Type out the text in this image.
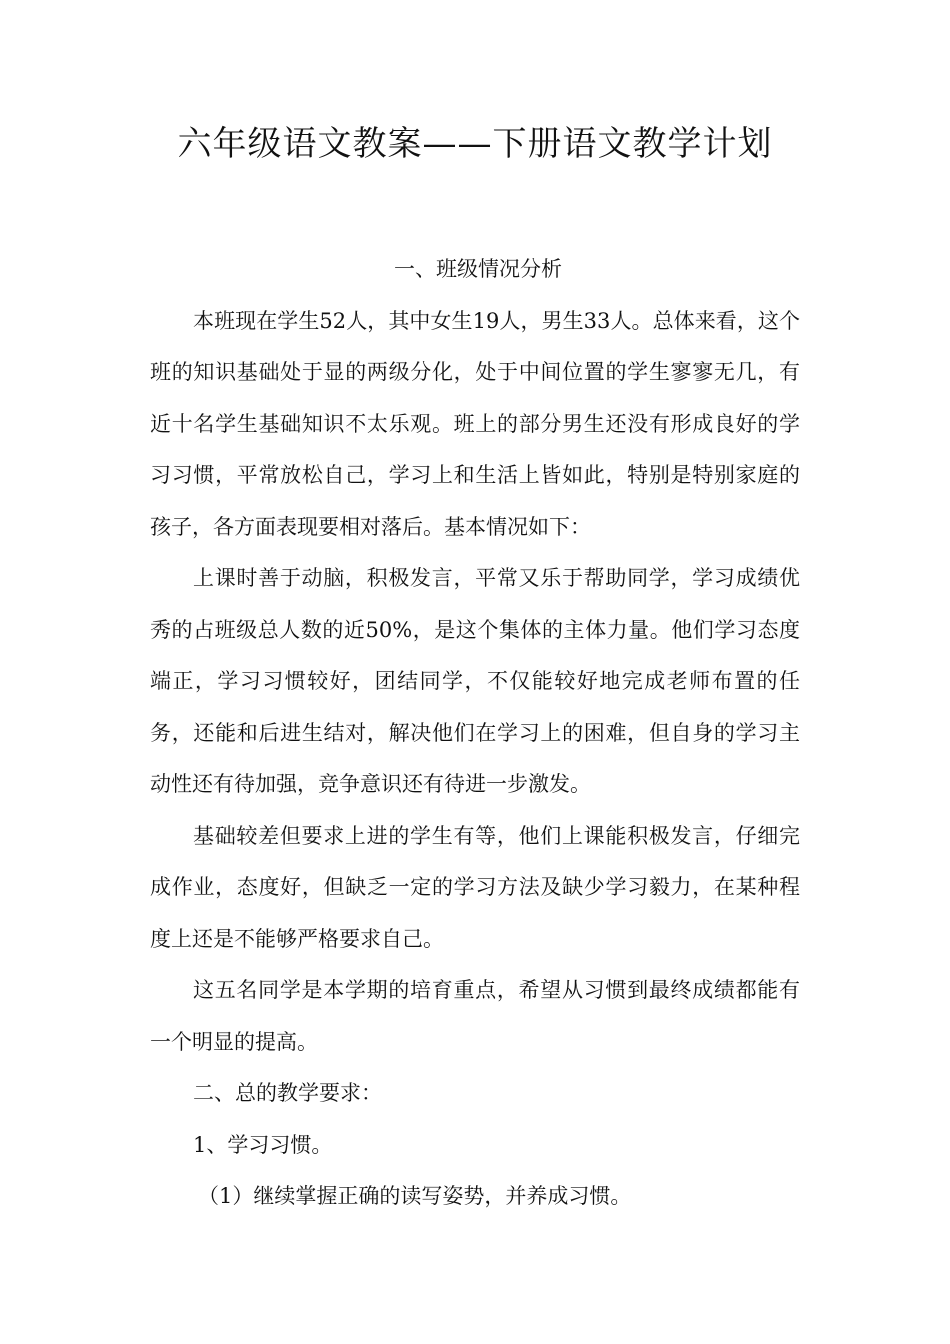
六年级语文教案——下册语文教学计划

一、班级情况分析

本班现在学生52人，其中女生19人，男生33人。总体来看，这个班的知识基础处于显的两级分化，处于中间位置的学生寥寥无几，有近十名学生基础知识不太乐观。班上的部分男生还没有形成良好的学习习惯，平常放松自己，学习上和生活上皆如此，特别是特别家庭的孩子，各方面表现要相对落后。基本情况如下：

上课时善于动脑，积极发言，平常又乐于帮助同学，学习成绩优秀的占班级总人数的近50%，是这个集体的主体力量。他们学习态度端正，学习习惯较好，团结同学，不仅能较好地完成老师布置的任务，还能和后进生结对，解决他们在学习上的困难，但自身的学习主动性还有待加强，竞争意识还有待进一步激发。

基础较差但要求上进的学生有等，他们上课能积极发言，仔细完成作业，态度好，但缺乏一定的学习方法及缺少学习毅力，在某种程度上还是不能够严格要求自己。

这五名同学是本学期的培育重点，希望从习惯到最终成绩都能有一个明显的提高。

二、总的教学要求：

1、学习习惯。

（1）继续掌握正确的读写姿势，并养成习惯。
